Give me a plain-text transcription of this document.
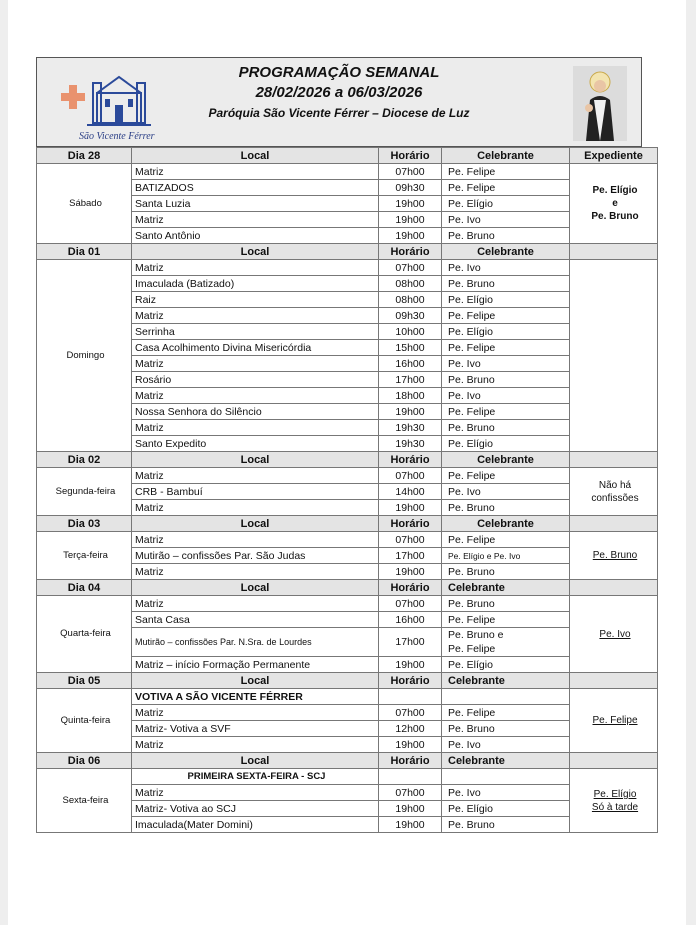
São Vicente Férrer
PROGRAMAÇÃO SEMANAL
28/02/2026 a 06/03/2026
Paróquia São Vicente Férrer – Diocese de Luz
Dia 28	Local	Horário	Celebrante	Expediente
Sábado	Matriz	07h00	Pe. Felipe	Pe. Elígio
e
Pe. Bruno

	BATIZADOS	09h30	Pe. Felipe	
	Santa Luzia	19h00	Pe. Elígio	
	Matriz	19h00	Pe. Ivo	
	Santo Antônio	19h00	Pe. Bruno	
Dia 01	Local	Horário	Celebrante	
Domingo	Matriz	07h00	Pe. Ivo	
	Imaculada (Batizado)	08h00	Pe. Bruno	
	Raiz	08h00	Pe. Elígio	
	Matriz	09h30	Pe. Felipe	
	Serrinha	10h00	Pe. Elígio	
	Casa Acolhimento Divina Misericórdia	15h00	Pe. Felipe	
	Matriz	16h00	Pe. Ivo	
	Rosário	17h00	Pe. Bruno	
	Matriz	18h00	Pe. Ivo	
	Nossa Senhora do Silêncio	19h00	Pe. Felipe	
	Matriz	19h30	Pe. Bruno	
	Santo Expedito	19h30	Pe. Elígio	
Dia 02	Local	Horário	Celebrante	
Segunda-feira	Matriz	07h00	Pe. Felipe	Não há
confissões

	CRB - Bambuí	14h00	Pe. Ivo	
	Matriz	19h00	Pe. Bruno	
Dia 03	Local	Horário	Celebrante	
Terça-feira	Matriz	07h00	Pe. Felipe	Pe. Bruno

	Mutirão – confissões Par. São Judas	17h00	Pe. Elígio e Pe. Ivo	
	Matriz	19h00	Pe. Bruno	
Dia 04	Local	Horário	Celebrante	
Quarta-feira	Matriz	07h00	Pe. Bruno	Pe. Ivo

	Santa Casa	16h00	Pe. Felipe	
	Mutirão – confissões Par. N.Sra. de Lourdes	17h00	Pe. Bruno e
Pe. Felipe	

	Matriz – início Formação Permanente	19h00	Pe. Elígio	
Dia 05	Local	Horário	Celebrante	
Quinta-feira	VOTIVA A SÃO VICENTE FÉRRER			Pe. Felipe

	Matriz	07h00	Pe. Felipe	
	Matriz- Votiva a SVF	12h00	Pe. Bruno	
	Matriz	19h00	Pe. Ivo	
Dia 06	Local	Horário	Celebrante	
Sexta-feira	PRIMEIRA SEXTA-FEIRA - SCJ			Pe. Elígio
Só à tarde

	Matriz	07h00	Pe. Ivo	
	Matriz- Votiva ao SCJ	19h00	Pe. Elígio	
	Imaculada(Mater Domini)	19h00	Pe. Bruno	
